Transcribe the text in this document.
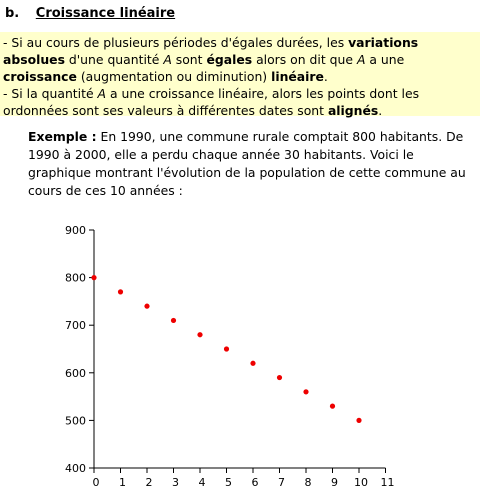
b. Croissance linéaire

- Si au cours de plusieurs périodes d'égales durées, les variations absolues d'une quantité A sont égales alors on dit que A a une croissance (augmentation ou diminution) linéaire.

- Si la quantité A a une croissance linéaire, alors les points dont les ordonnées sont ses valeurs à différentes dates sont alignés.

Exemple : En 1990, une commune rurale comptait 800 habitants. De 1990 à 2000, elle a perdu chaque année 30 habitants. Voici le graphique montrant l'évolution de la population de cette commune au cours de ces 10 années :
400
500
600
700
800
900
0 1 2 3 4 5 6 7 8 9 10 11
